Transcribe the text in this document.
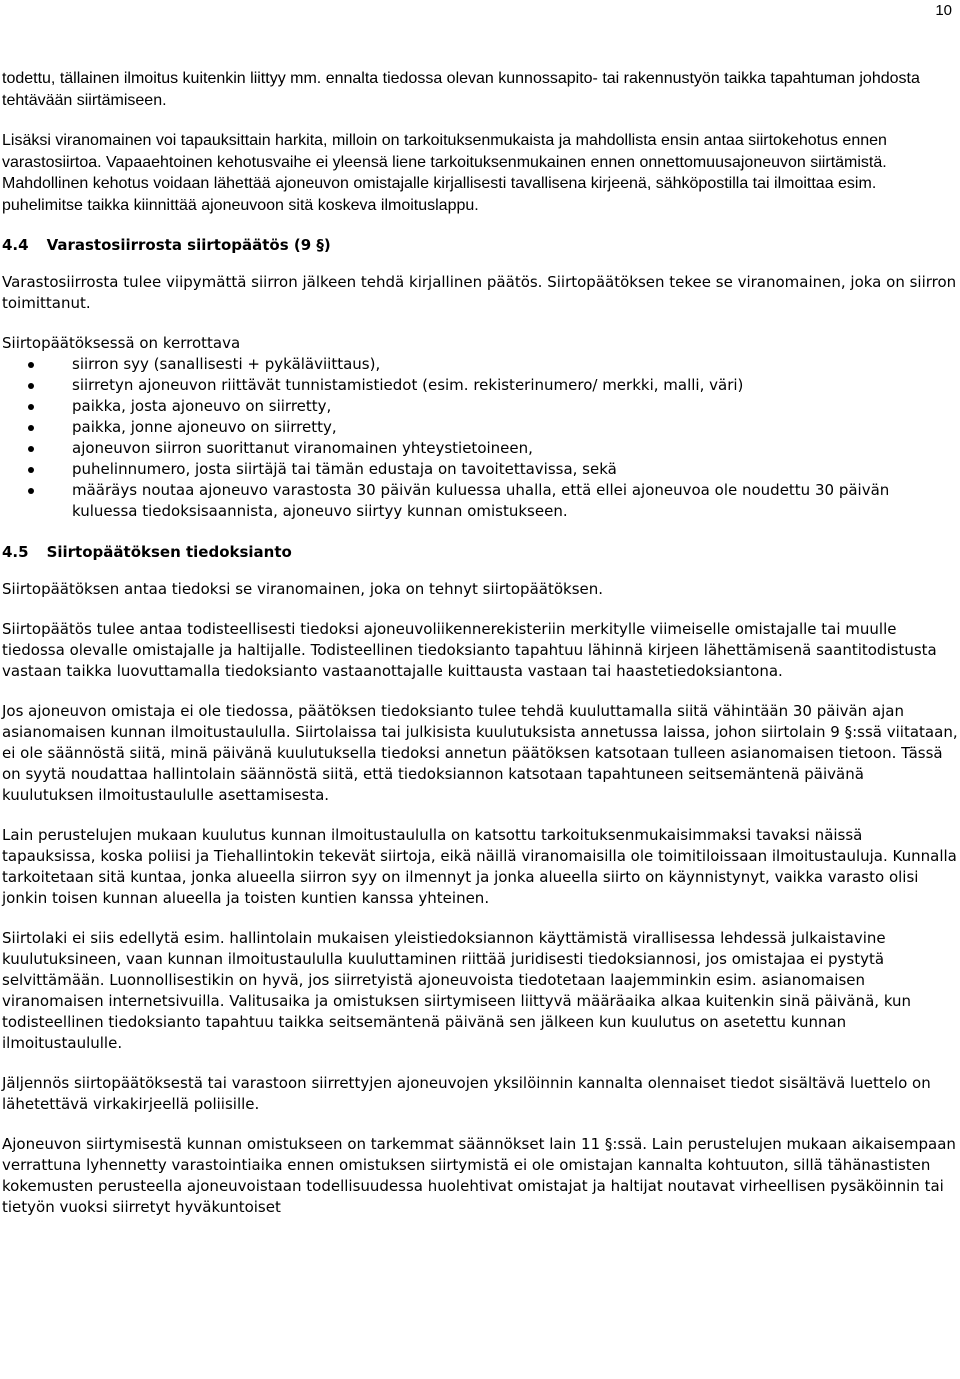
10

todettu, tällainen ilmoitus kuitenkin liittyy mm. ennalta tiedossa olevan kunnossapito- tai rakennustyön taikka tapahtuman johdosta tehtävään siirtämiseen.

Lisäksi viranomainen voi tapauksittain harkita, milloin on tarkoituksenmukaista ja mahdollista ensin antaa siirtokehotus ennen varastosiirtoa. Vapaaehtoinen kehotusvaihe ei yleensä liene tarkoituksenmukainen ennen onnettomuusajoneuvon siirtämistä. Mahdollinen kehotus voidaan lähettää ajoneuvon omistajalle kirjallisesti tavallisena kirjeenä, sähköpostilla tai ilmoittaa esim. puhelimitse taikka kiinnittää ajoneuvoon sitä koskeva ilmoituslappu.

4.4 Varastosiirrosta siirtopäätös (9 §)

Varastosiirrosta tulee viipymättä siirron jälkeen tehdä kirjallinen päätös. Siirtopäätöksen tekee se viranomainen, joka on siirron toimittanut.

Siirtopäätöksessä on kerrottava

siirron syy (sanallisesti + pykäläviittaus),
siirretyn ajoneuvon riittävät tunnistamistiedot (esim. rekisterinumero/ merkki, malli, väri)
paikka, josta ajoneuvo on siirretty,
paikka, jonne ajoneuvo on siirretty,
ajoneuvon siirron suorittanut viranomainen yhteystietoineen,
puhelinnumero, josta siirtäjä tai tämän edustaja on tavoitettavissa, sekä
määräys noutaa ajoneuvo varastosta 30 päivän kuluessa uhalla, että ellei ajoneuvoa ole noudettu 30 päivän kuluessa tiedoksisaannista, ajoneuvo siirtyy kunnan omistukseen.
4.5 Siirtopäätöksen tiedoksianto

Siirtopäätöksen antaa tiedoksi se viranomainen, joka on tehnyt siirtopäätöksen.

Siirtopäätös tulee antaa todisteellisesti tiedoksi ajoneuvoliikennerekisteriin merkitylle viimeiselle omistajalle tai muulle tiedossa olevalle omistajalle ja haltijalle. Todisteellinen tiedoksianto tapahtuu lähinnä kirjeen lähettämisenä saantitodistusta vastaan taikka luovuttamalla tiedoksianto vastaanottajalle kuittausta vastaan tai haastetiedoksiantona.

Jos ajoneuvon omistaja ei ole tiedossa, päätöksen tiedoksianto tulee tehdä kuuluttamalla siitä vähintään 30 päivän ajan asianomaisen kunnan ilmoitustaululla. Siirtolaissa tai julkisista kuulutuksista annetussa laissa, johon siirtolain 9 §:ssä viitataan, ei ole säännöstä siitä, minä päivänä kuulutuksella tiedoksi annetun päätöksen katsotaan tulleen asianomaisen tietoon. Tässä on syytä noudattaa hallintolain säännöstä siitä, että tiedoksiannon katsotaan tapahtuneen seitsemäntenä päivänä kuulutuksen ilmoitustaululle asettamisesta.

Lain perustelujen mukaan kuulutus kunnan ilmoitustaululla on katsottu tarkoituksenmukaisimmaksi tavaksi näissä tapauksissa, koska poliisi ja Tiehallintokin tekevät siirtoja, eikä näillä viranomaisilla ole toimitiloissaan ilmoitustauluja. Kunnalla tarkoitetaan sitä kuntaa, jonka alueella siirron syy on ilmennyt ja jonka alueella siirto on käynnistynyt, vaikka varasto olisi jonkin toisen kunnan alueella ja toisten kuntien kanssa yhteinen.

Siirtolaki ei siis edellytä esim. hallintolain mukaisen yleistiedoksiannon käyttämistä virallisessa lehdessä julkaistavine kuulutuksineen, vaan kunnan ilmoitustaululla kuuluttaminen riittää juridisesti tiedoksiannosi, jos omistajaa ei pystytä selvittämään. Luonnollisestikin on hyvä, jos siirretyistä ajoneuvoista tiedotetaan laajemminkin esim. asianomaisen viranomaisen internetsivuilla. Valitusaika ja omistuksen siirtymiseen liittyvä määräaika alkaa kuitenkin sinä päivänä, kun todisteellinen tiedoksianto tapahtuu taikka seitsemäntenä päivänä sen jälkeen kun kuulutus on asetettu kunnan ilmoitustaululle.

Jäljennös siirtopäätöksestä tai varastoon siirrettyjen ajoneuvojen yksilöinnin kannalta olennaiset tiedot sisältävä luettelo on lähetettävä virkakirjeellä poliisille.

Ajoneuvon siirtymisestä kunnan omistukseen on tarkemmat säännökset lain 11 §:ssä. Lain perustelujen mukaan aikaisempaan verrattuna lyhennetty varastointiaika ennen omistuksen siirtymistä ei ole omistajan kannalta kohtuuton, sillä tähänastisten kokemusten perusteella ajoneuvoistaan todellisuudessa huolehtivat omistajat ja haltijat noutavat virheellisen pysäköinnin tai tietyön vuoksi siirretyt hyväkuntoiset
